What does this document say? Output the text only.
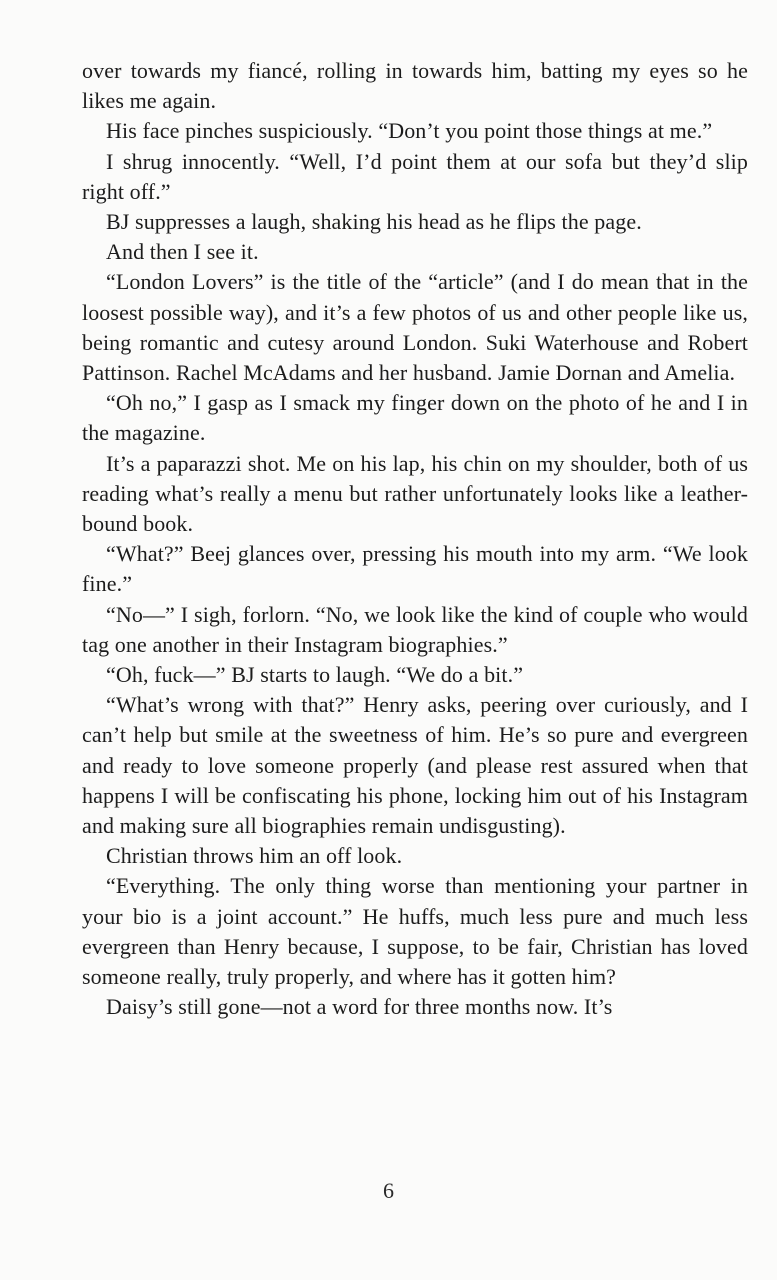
over towards my fiancé, rolling in towards him, batting my eyes so he likes me again.

His face pinches suspiciously. “Don’t you point those things at me.”

I shrug innocently. “Well, I’d point them at our sofa but they’d slip right off.”

BJ suppresses a laugh, shaking his head as he flips the page.

And then I see it.

“London Lovers” is the title of the “article” (and I do mean that in the loosest possible way), and it’s a few photos of us and other people like us, being romantic and cutesy around London. Suki Waterhouse and Robert Pattinson. Rachel McAdams and her husband. Jamie Dornan and Amelia.

“Oh no,” I gasp as I smack my finger down on the photo of he and I in the magazine.

It’s a paparazzi shot. Me on his lap, his chin on my shoulder, both of us reading what’s really a menu but rather unfortunately looks like a leather-bound book.

“What?” Beej glances over, pressing his mouth into my arm. “We look fine.”

“No—” I sigh, forlorn. “No, we look like the kind of couple who would tag one another in their Instagram biographies.”

“Oh, fuck—” BJ starts to laugh. “We do a bit.”

“What’s wrong with that?” Henry asks, peering over curiously, and I can’t help but smile at the sweetness of him. He’s so pure and evergreen and ready to love someone properly (and please rest assured when that happens I will be confiscating his phone, locking him out of his Instagram and making sure all biographies remain undisgusting).

Christian throws him an off look.

“Everything. The only thing worse than mentioning your partner in your bio is a joint account.” He huffs, much less pure and much less evergreen than Henry because, I suppose, to be fair, Christian has loved someone really, truly properly, and where has it gotten him?

Daisy’s still gone—not a word for three months now. It’s

6
